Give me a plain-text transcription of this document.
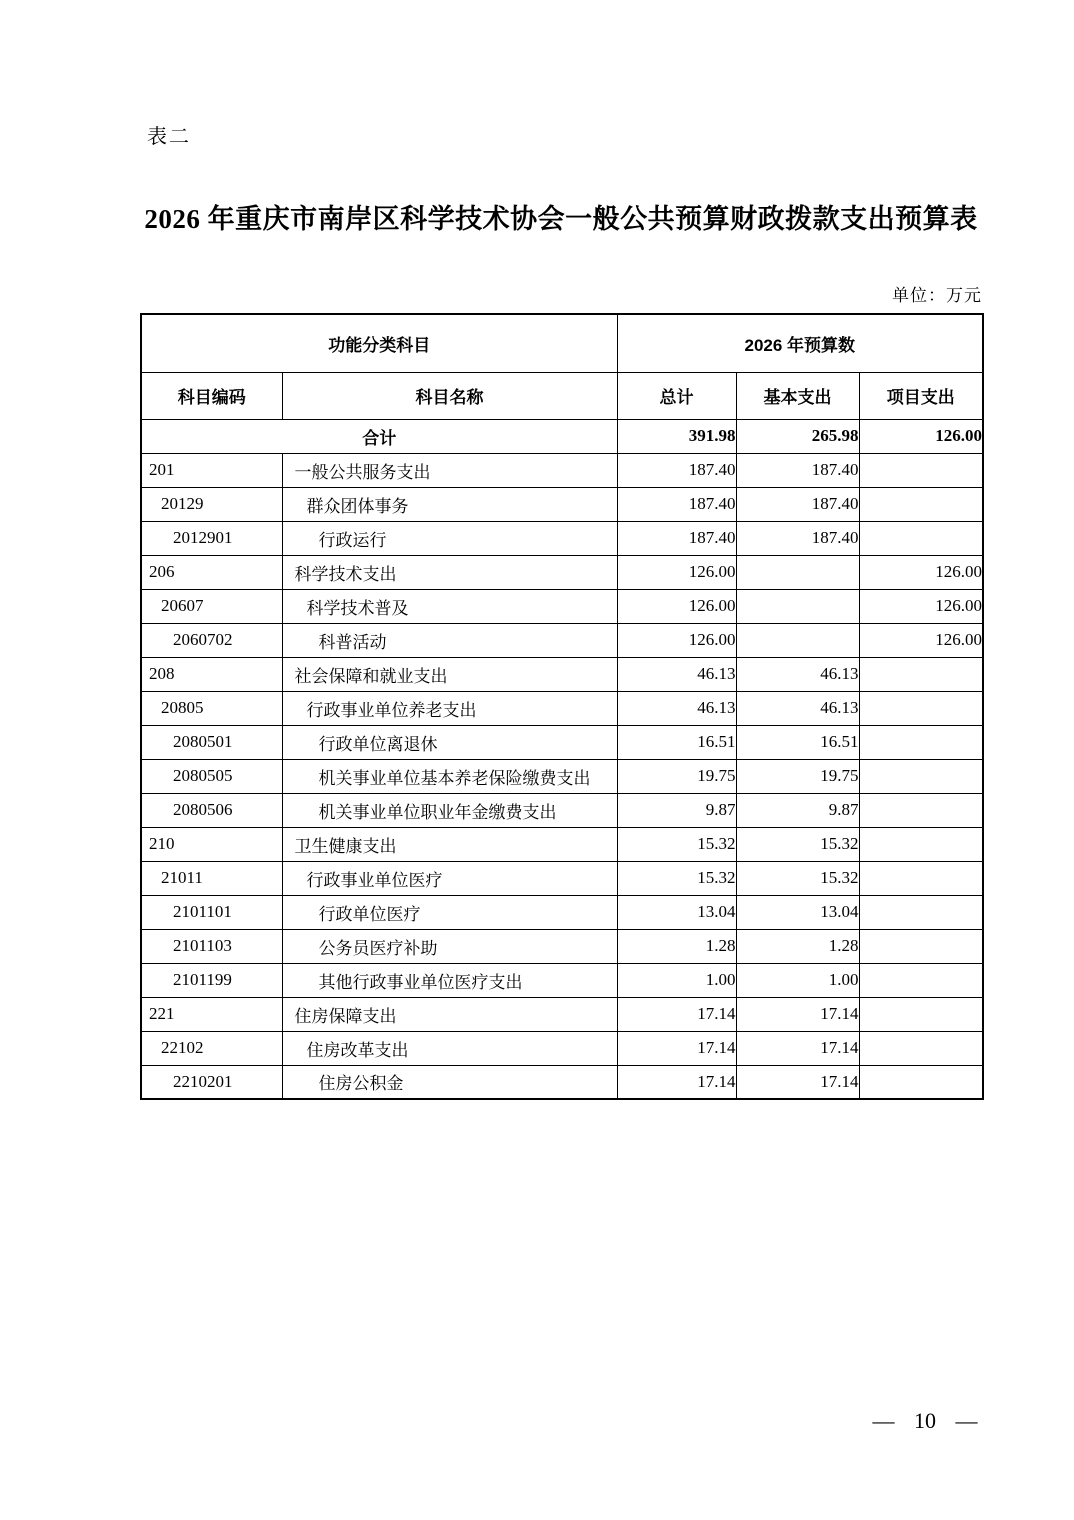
表二
2026 年重庆市南岸区科学技术协会一般公共预算财政拨款支出预算表
单位：万元
功能分类科目		2026 年预算数		
科目编码	科目名称	总计	基本支出	项目支出
合计		391.98	265.98	126.00
201	一般公共服务支出	187.40	187.40	
20129	群众团体事务	187.40	187.40	
2012901	行政运行	187.40	187.40	
206	科学技术支出	126.00		126.00
20607	科学技术普及	126.00		126.00
2060702	科普活动	126.00		126.00
208	社会保障和就业支出	46.13	46.13	
20805	行政事业单位养老支出	46.13	46.13	
2080501	行政单位离退休	16.51	16.51	
2080505	机关事业单位基本养老保险缴费支出	19.75	19.75	
2080506	机关事业单位职业年金缴费支出	9.87	9.87	
210	卫生健康支出	15.32	15.32	
21011	行政事业单位医疗	15.32	15.32	
2101101	行政单位医疗	13.04	13.04	
2101103	公务员医疗补助	1.28	1.28	
2101199	其他行政事业单位医疗支出	1.00	1.00	
221	住房保障支出	17.14	17.14	
22102	住房改革支出	17.14	17.14	
2210201	住房公积金	17.14	17.14	
— 10 —
